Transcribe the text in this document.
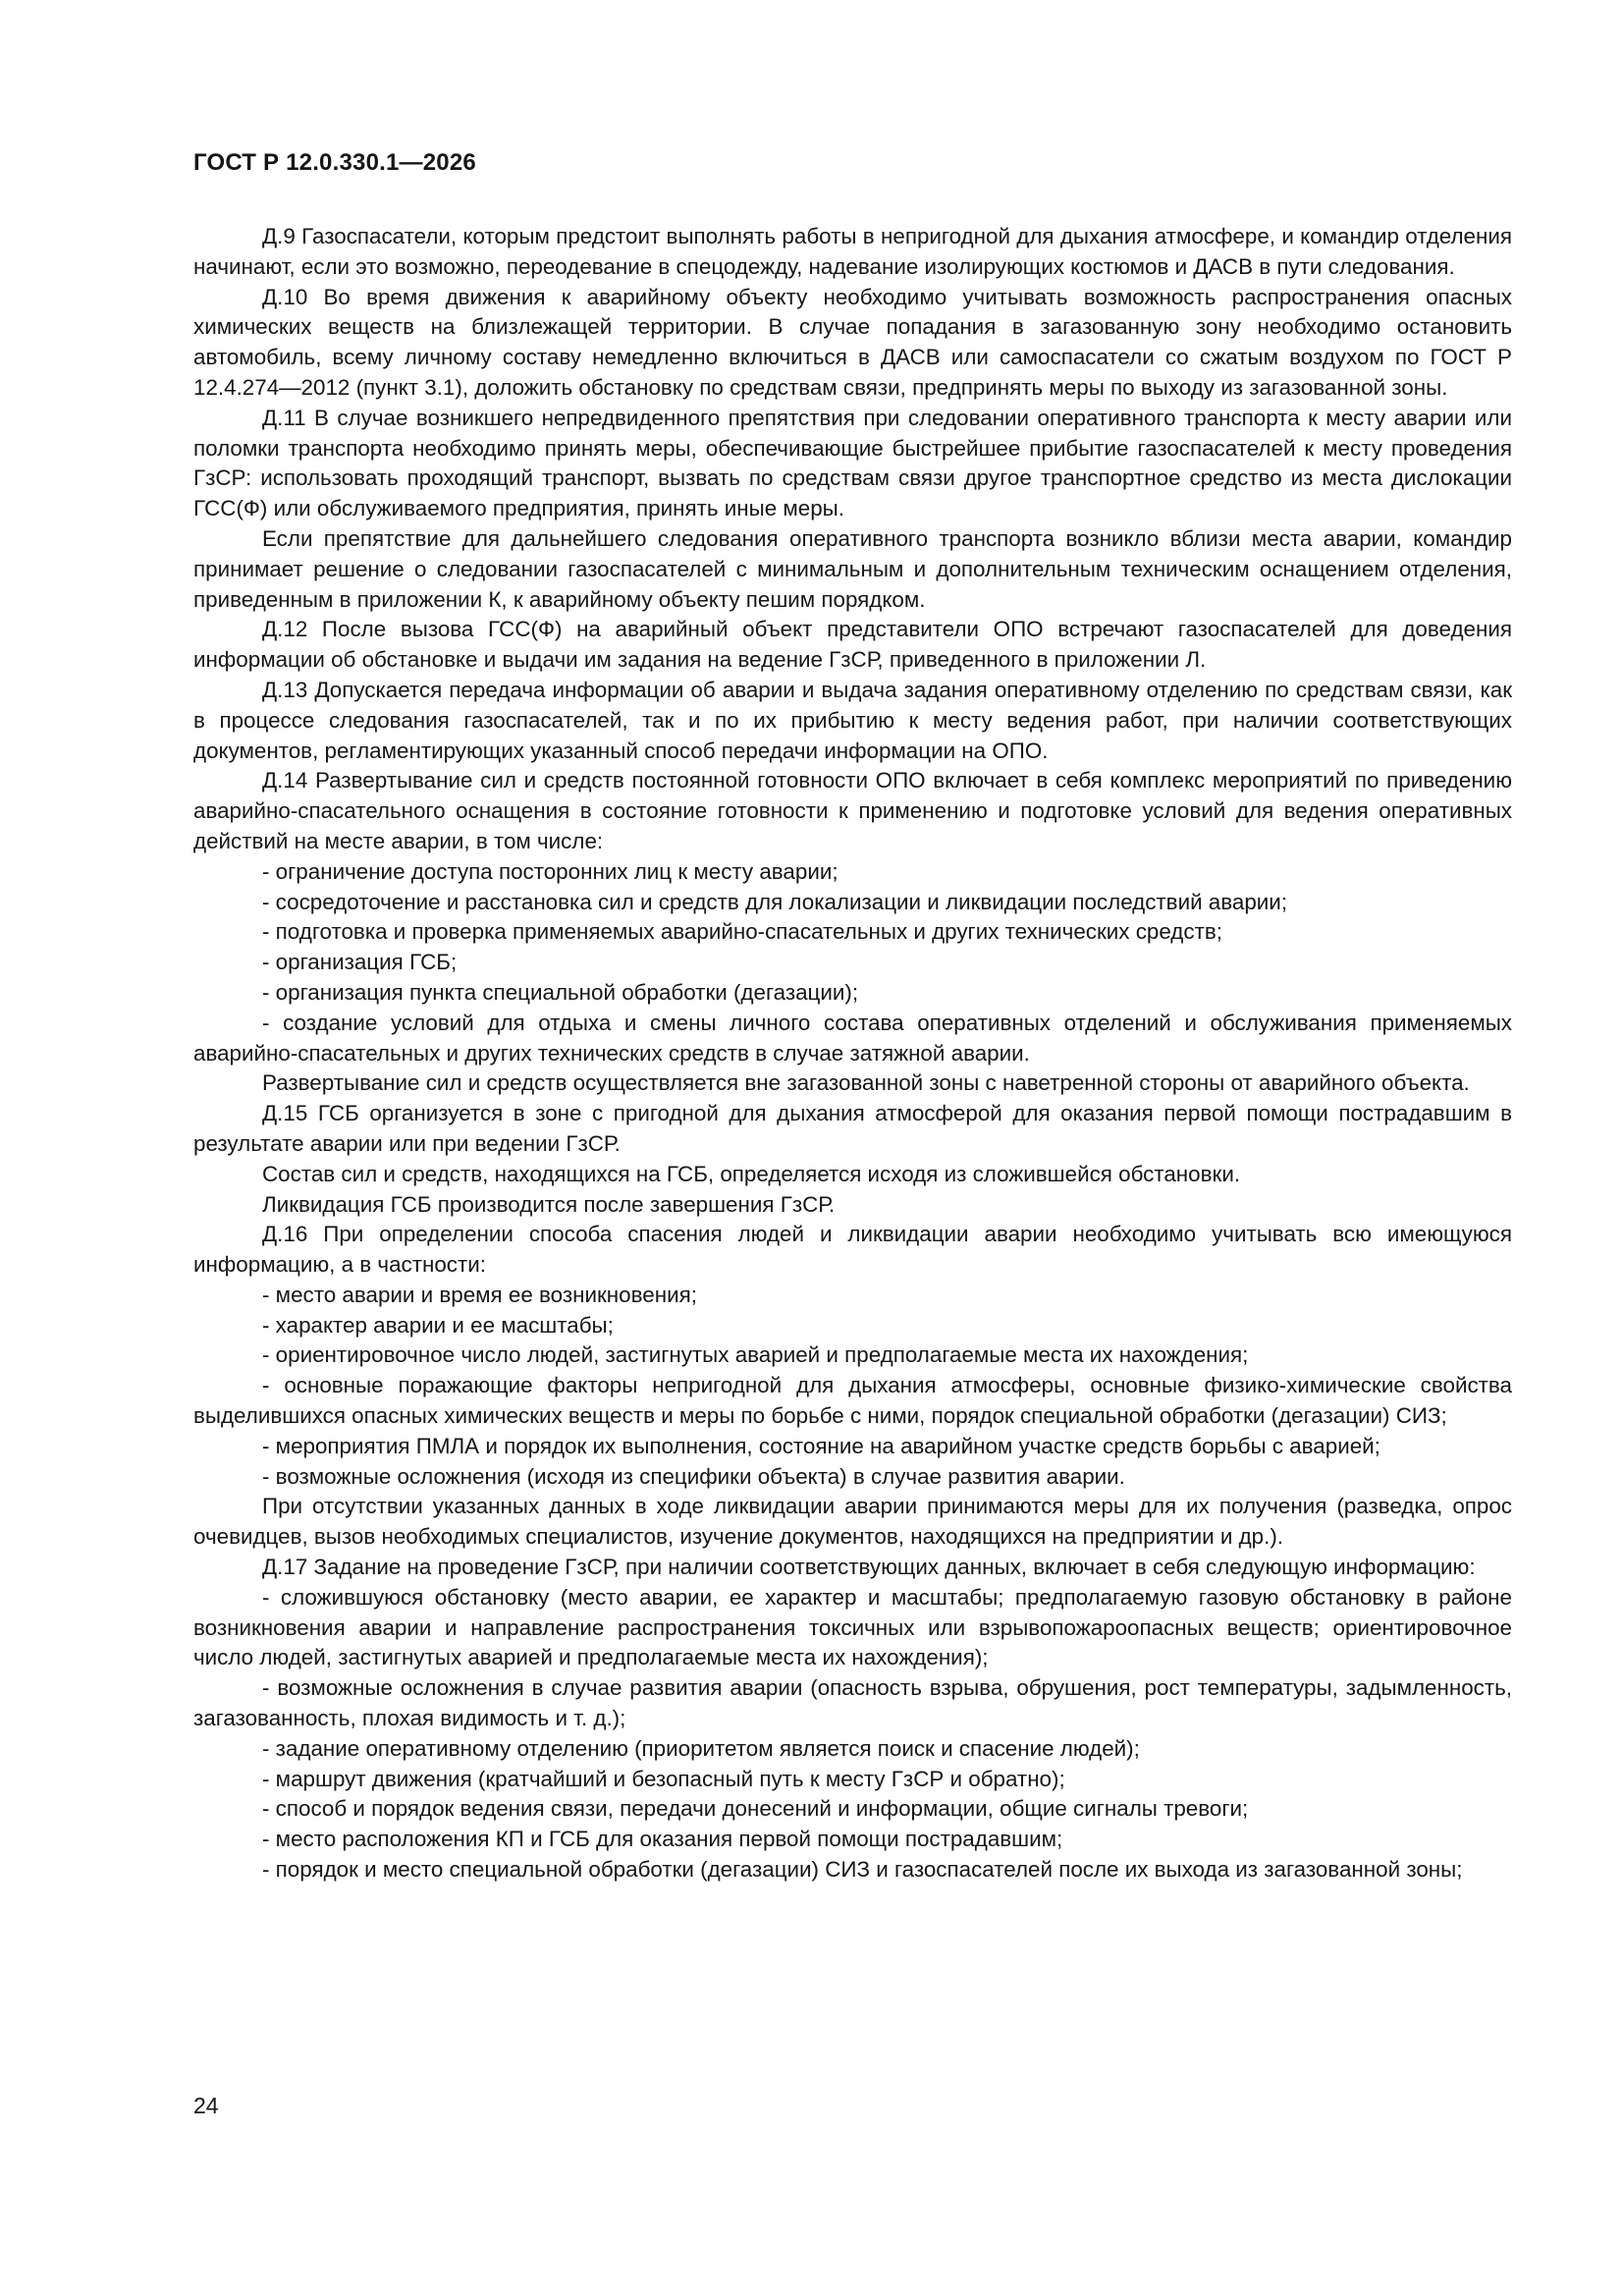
ГОСТ Р 12.0.330.1—2026

Д.9 Газоспасатели, которым предстоит выполнять работы в непригодной для дыхания атмосфере, и командир отделения начинают, если это возможно, переодевание в спецодежду, надевание изолирующих костюмов и ДАСВ в пути следования.

Д.10 Во время движения к аварийному объекту необходимо учитывать возможность распространения опасных химических веществ на близлежащей территории. В случае попадания в загазованную зону необходимо остановить автомобиль, всему личному составу немедленно включиться в ДАСВ или самоспасатели со сжатым воздухом по ГОСТ Р 12.4.274—2012 (пункт 3.1), доложить обстановку по средствам связи, предпринять меры по выходу из загазованной зоны.

Д.11 В случае возникшего непредвиденного препятствия при следовании оперативного транспорта к месту аварии или поломки транспорта необходимо принять меры, обеспечивающие быстрейшее прибытие газоспасателей к месту проведения ГзСР: использовать проходящий транспорт, вызвать по средствам связи другое транспортное средство из места дислокации ГСС(Ф) или обслуживаемого предприятия, принять иные меры.

Если препятствие для дальнейшего следования оперативного транспорта возникло вблизи места аварии, командир принимает решение о следовании газоспасателей с минимальным и дополнительным техническим оснащением отделения, приведенным в приложении К, к аварийному объекту пешим порядком.

Д.12 После вызова ГСС(Ф) на аварийный объект представители ОПО встречают газоспасателей для доведения информации об обстановке и выдачи им задания на ведение ГзСР, приведенного в приложении Л.

Д.13 Допускается передача информации об аварии и выдача задания оперативному отделению по средствам связи, как в процессе следования газоспасателей, так и по их прибытию к месту ведения работ, при наличии соответствующих документов, регламентирующих указанный способ передачи информации на ОПО.

Д.14 Развертывание сил и средств постоянной готовности ОПО включает в себя комплекс мероприятий по приведению аварийно-спасательного оснащения в состояние готовности к применению и подготовке условий для ведения оперативных действий на месте аварии, в том числе:

- ограничение доступа посторонних лиц к месту аварии;

- сосредоточение и расстановка сил и средств для локализации и ликвидации последствий аварии;

- подготовка и проверка применяемых аварийно-спасательных и других технических средств;

- организация ГСБ;

- организация пункта специальной обработки (дегазации);

- создание условий для отдыха и смены личного состава оперативных отделений и обслуживания применяемых аварийно-спасательных и других технических средств в случае затяжной аварии.

Развертывание сил и средств осуществляется вне загазованной зоны с наветренной стороны от аварийного объекта.

Д.15 ГСБ организуется в зоне с пригодной для дыхания атмосферой для оказания первой помощи пострадавшим в результате аварии или при ведении ГзСР.

Состав сил и средств, находящихся на ГСБ, определяется исходя из сложившейся обстановки.

Ликвидация ГСБ производится после завершения ГзСР.

Д.16 При определении способа спасения людей и ликвидации аварии необходимо учитывать всю имеющуюся информацию, а в частности:

- место аварии и время ее возникновения;

- характер аварии и ее масштабы;

- ориентировочное число людей, застигнутых аварией и предполагаемые места их нахождения;

- основные поражающие факторы непригодной для дыхания атмосферы, основные физико-химические свойства выделившихся опасных химических веществ и меры по борьбе с ними, порядок специальной обработки (дегазации) СИЗ;

- мероприятия ПМЛА и порядок их выполнения, состояние на аварийном участке средств борьбы с аварией;

- возможные осложнения (исходя из специфики объекта) в случае развития аварии.

При отсутствии указанных данных в ходе ликвидации аварии принимаются меры для их получения (разведка, опрос очевидцев, вызов необходимых специалистов, изучение документов, находящихся на предприятии и др.).

Д.17 Задание на проведение ГзСР, при наличии соответствующих данных, включает в себя следующую информацию:

- сложившуюся обстановку (место аварии, ее характер и масштабы; предполагаемую газовую обстановку в районе возникновения аварии и направление распространения токсичных или взрывопожароопасных веществ; ориентировочное число людей, застигнутых аварией и предполагаемые места их нахождения);

- возможные осложнения в случае развития аварии (опасность взрыва, обрушения, рост температуры, задымленность, загазованность, плохая видимость и т. д.);

- задание оперативному отделению (приоритетом является поиск и спасение людей);

- маршрут движения (кратчайший и безопасный путь к месту ГзСР и обратно);

- способ и порядок ведения связи, передачи донесений и информации, общие сигналы тревоги;

- место расположения КП и ГСБ для оказания первой помощи пострадавшим;

- порядок и место специальной обработки (дегазации) СИЗ и газоспасателей после их выхода из загазованной зоны;

24
